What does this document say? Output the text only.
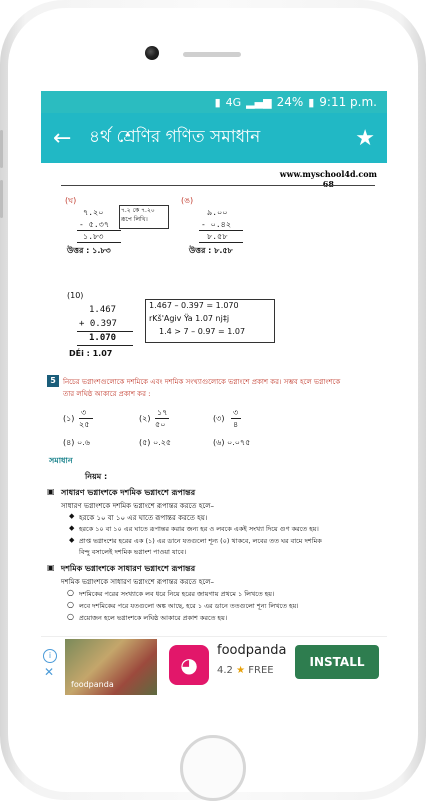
▮ 4G ▂▄▆ 24% ▮ 9:11 p.m.
←	৪র্থ শ্রেণির গণিত সমাধান	★
www.myschool4d.com
68
(ঘ)
৭.২০	৭.২ কে ৭.২০ রূপে লিখি।
- ৫.৩৭
১.৮৩
উত্তর : ১.৮৩
(ঙ)
৯.০০
- ০.৪২
৮.৫৮
উত্তর : ৮.৫৮
(10)
1.467
+ 0.397
1.070
DÉi : 1.07
1.467 – 0.397 = 1.070
rKš'Agiv Ÿa 1.07 nj‡j
1.4 > 7 – 0.97 = 1.07
5	নিচের ভগ্নাংশগুলোকে দশমিকে এবং দশমিক সংখ্যাগুলোকে ভগ্নাংশে প্রকাশ কর। সম্ভব হলে ভগ্নাংশকে
তার লঘিষ্ঠ আকারে প্রকাশ কর :
(১)
৩
২৫
(২)
১৭
৫০
(৩)
৩
৪
(৪) ০.৬	(৫) ০.২৫	(৬) ০.০৭৫
সমাধান
নিয়ম :
▣ সাধারণ ভগ্নাংশকে দশমিক ভগ্নাংশে রূপান্তর
সাধারণ ভগ্নাংশকে দশমিক ভগ্নাংশে রূপান্তর করতে হলে–
◆ হরকে ১০ বা ১০ এর ঘাতে রূপান্তর করতে হয়।
◆ হরকে ১০ বা ১০ এর ঘাতে রূপান্তর করার জন্য হর ও লবকে একই সংখ্যা দিয়ে গুণ করতে হয়।
◆ প্রাপ্ত ভগ্নাংশের হরের এক (১) এর ডানে যতগুলো শূন্য (০) থাকবে, লবের তত ঘর বামে দশমিক
বিন্দু বসালেই দশমিক ভগ্নাংশ পাওয়া যাবে।
▣ দশমিক ভগ্নাংশকে সাধারণ ভগ্নাংশে রূপান্তর
দশমিক ভগ্নাংশকে সাধারণ ভগ্নাংশে রূপান্তর করতে হলে–
○ দশমিকের পরের সংখ্যাকে লব ধরে নিয়ে হরের জায়গায় প্রথমে ১ লিখতে হয়।
○ লবে দশমিকের পরে যতগুলো অঙ্ক আছে, হরে ১ এর ডানে ততগুলো শূন্য লিখতে হয়।
○ প্রয়োজন হলে ভগ্নাংশকে লঘিষ্ঠ আকারে প্রকাশ করতে হয়।
i
✕
foodpanda
◕
foodpanda
4.2 ★ FREE
INSTALL
